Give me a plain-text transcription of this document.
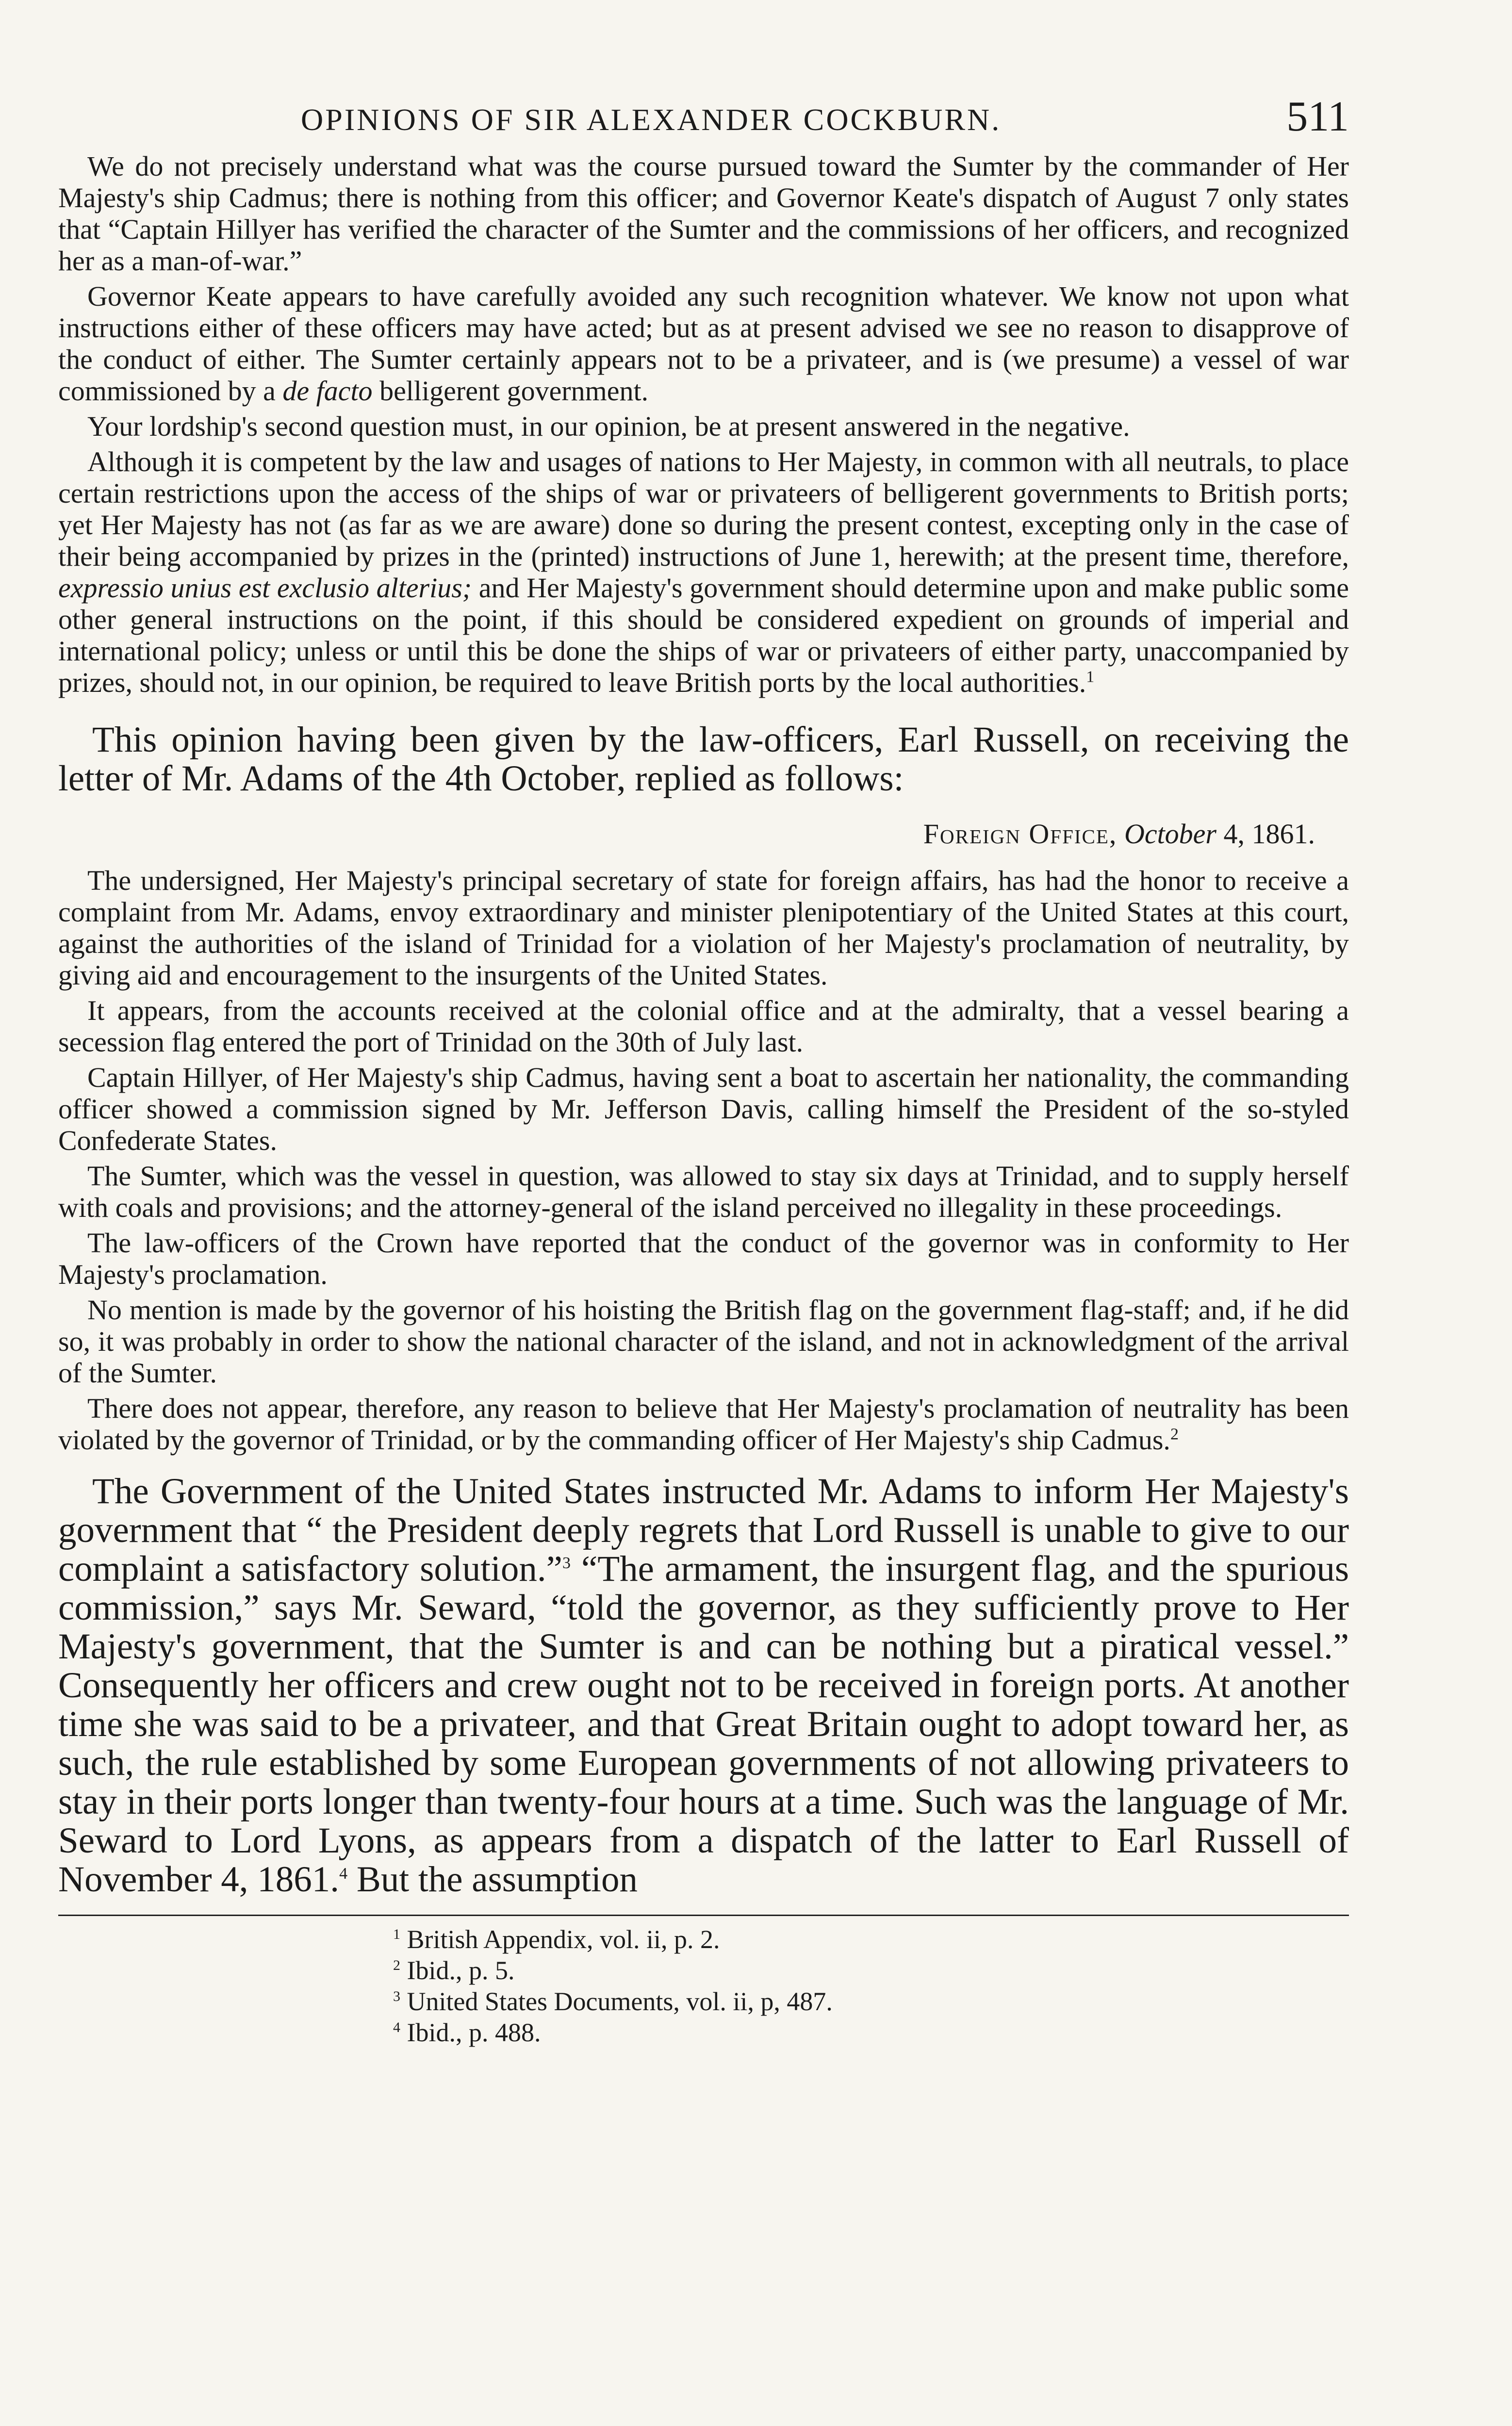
OPINIONS OF SIR ALEXANDER COCKBURN.	511

We do not precisely understand what was the course pursued toward the Sumter by the commander of Her Majesty's ship Cadmus; there is nothing from this officer; and Governor Keate's dispatch of August 7 only states that “Captain Hillyer has verified the character of the Sumter and the commissions of her officers, and recognized her as a man-of-war.”

Governor Keate appears to have carefully avoided any such recognition whatever. We know not upon what instructions either of these officers may have acted; but as at present advised we see no reason to disapprove of the conduct of either. The Sumter certainly appears not to be a privateer, and is (we presume) a vessel of war commissioned by a de facto belligerent government.

Your lordship's second question must, in our opinion, be at present answered in the negative.

Although it is competent by the law and usages of nations to Her Majesty, in common with all neutrals, to place certain restrictions upon the access of the ships of war or privateers of belligerent governments to British ports; yet Her Majesty has not (as far as we are aware) done so during the present contest, excepting only in the case of their being accompanied by prizes in the (printed) instructions of June 1, herewith; at the present time, therefore, expressio unius est exclusio alterius; and Her Majesty's government should determine upon and make public some other general instructions on the point, if this should be considered expedient on grounds of imperial and international policy; unless or until this be done the ships of war or privateers of either party, unaccompanied by prizes, should not, in our opinion, be required to leave British ports by the local authorities.$^1$

This opinion having been given by the law-officers, Earl Russell, on receiving the letter of Mr. Adams of the 4th October, replied as follows:

Foreign Office, October 4, 1861.

The undersigned, Her Majesty's principal secretary of state for foreign affairs, has had the honor to receive a complaint from Mr. Adams, envoy extraordinary and minister plenipotentiary of the United States at this court, against the authorities of the island of Trinidad for a violation of her Majesty's proclamation of neutrality, by giving aid and encouragement to the insurgents of the United States.

It appears, from the accounts received at the colonial office and at the admiralty, that a vessel bearing a secession flag entered the port of Trinidad on the 30th of July last.

Captain Hillyer, of Her Majesty's ship Cadmus, having sent a boat to ascertain her nationality, the commanding officer showed a commission signed by Mr. Jefferson Davis, calling himself the President of the so-styled Confederate States.

The Sumter, which was the vessel in question, was allowed to stay six days at Trinidad, and to supply herself with coals and provisions; and the attorney-general of the island perceived no illegality in these proceedings.

The law-officers of the Crown have reported that the conduct of the governor was in conformity to Her Majesty's proclamation.

No mention is made by the governor of his hoisting the British flag on the government flag-staff; and, if he did so, it was probably in order to show the national character of the island, and not in acknowledgment of the arrival of the Sumter.

There does not appear, therefore, any reason to believe that Her Majesty's proclamation of neutrality has been violated by the governor of Trinidad, or by the commanding officer of Her Majesty's ship Cadmus.$^2$

The Government of the United States instructed Mr. Adams to inform Her Majesty's government that “ the President deeply regrets that Lord Russell is unable to give to our complaint a satisfactory solution.”$^3$ “The armament, the insurgent flag, and the spurious commission,” says Mr. Seward, “told the governor, as they sufficiently prove to Her Majesty's government, that the Sumter is and can be nothing but a piratical vessel.” Consequently her officers and crew ought not to be received in foreign ports. At another time she was said to be a privateer, and that Great Britain ought to adopt toward her, as such, the rule established by some European governments of not allowing privateers to stay in their ports longer than twenty-four hours at a time. Such was the language of Mr. Seward to Lord Lyons, as appears from a dispatch of the latter to Earl Russell of November 4, 1861.$^4$ But the assumption

$^1$ British Appendix, vol. ii, p. 2.
$^2$ Ibid., p. 5.
$^3$ United States Documents, vol. ii, p, 487.
$^4$ Ibid., p. 488.
